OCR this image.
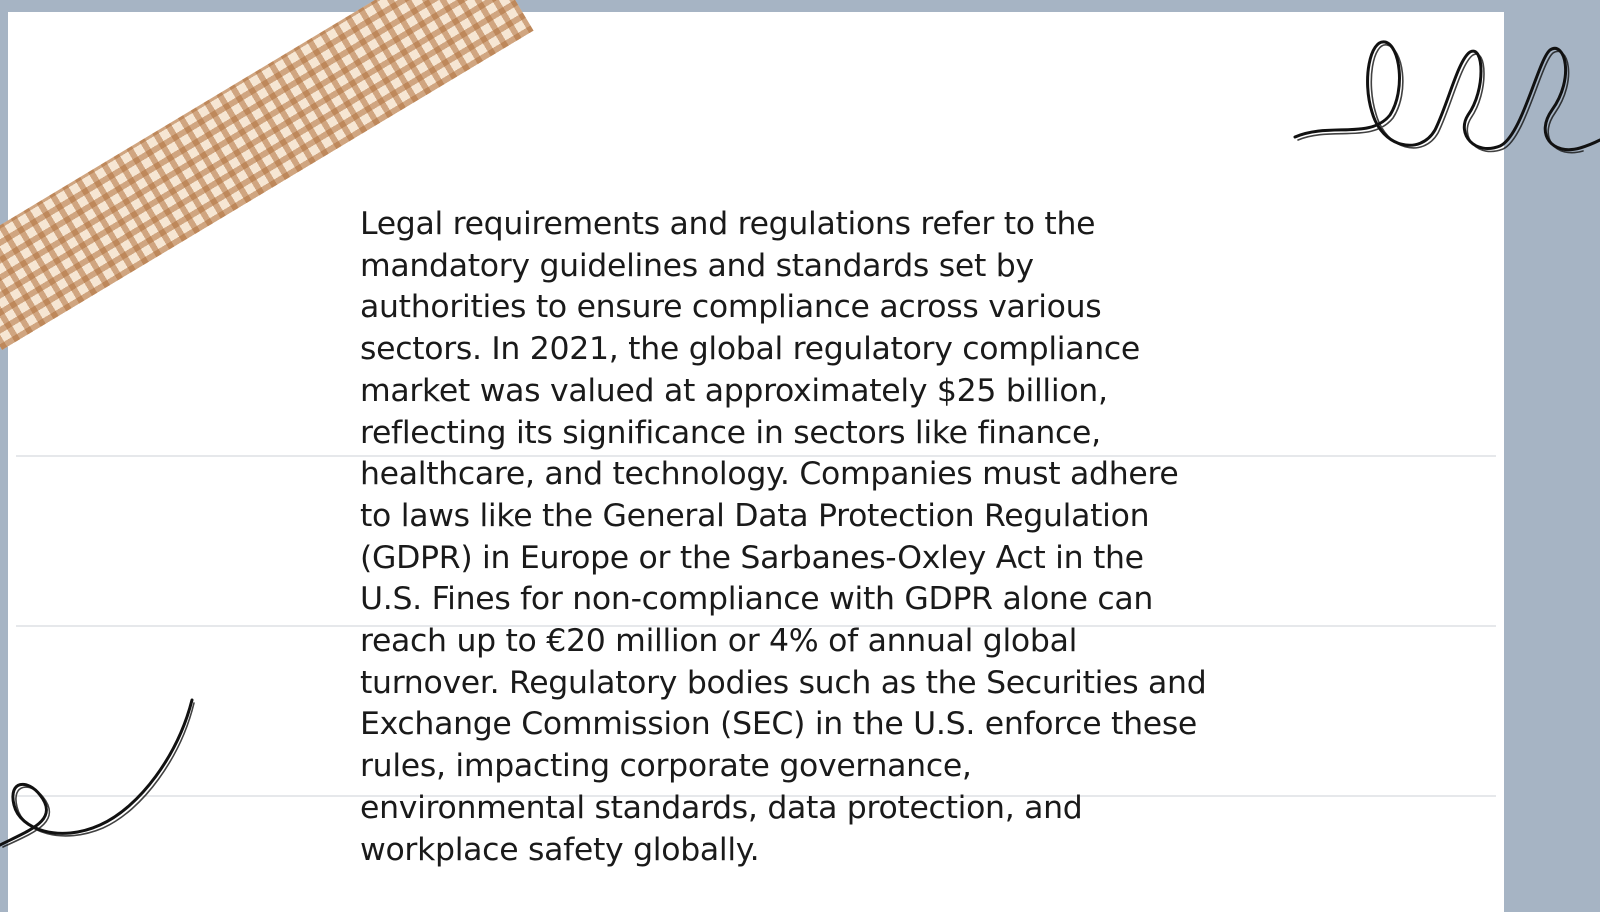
Legal requirements and regulations refer to the
mandatory guidelines and standards set by
authorities to ensure compliance across various
sectors. In 2021, the global regulatory compliance
market was valued at approximately $25 billion,
reflecting its significance in sectors like finance,
healthcare, and technology. Companies must adhere
to laws like the General Data Protection Regulation
(GDPR) in Europe or the Sarbanes-Oxley Act in the
U.S. Fines for non-compliance with GDPR alone can
reach up to €20 million or 4% of annual global
turnover. Regulatory bodies such as the Securities and
Exchange Commission (SEC) in the U.S. enforce these
rules, impacting corporate governance,
environmental standards, data protection, and
workplace safety globally.
